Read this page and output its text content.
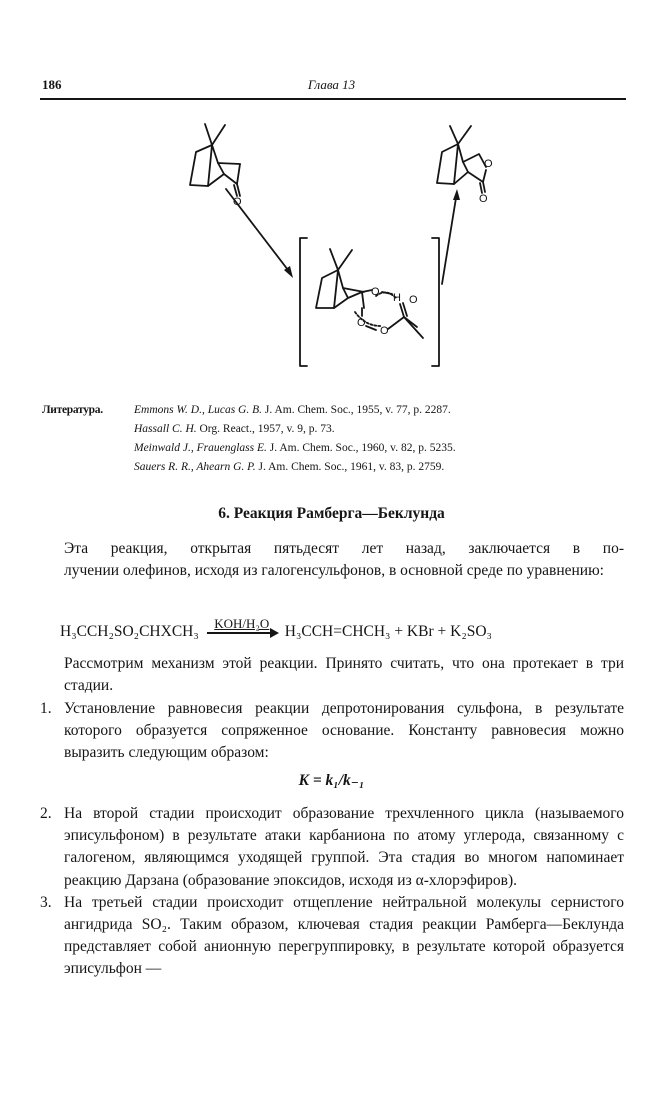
186	Глава 13
O
O
O
O
O
O
H O
Литература.	Emmons W. D., Lucas G. B.
J. Am. Chem. Soc., 1955, v. 77, p. 2287.
Hassall C. H.
Org. React., 1957, v. 9, p. 73.
Meinwald J., Frauenglass E.
J. Am. Chem. Soc., 1960, v. 82, p. 5235.
Sauers R. R., Ahearn G. P.
J. Am. Chem. Soc., 1961, v. 83, p. 2759.
6. Реакция Рамберга—Беклунда
Эта реакция, открытая пятьдесят лет назад, заключается в по-
лучении олефинов, исходя из галогенсульфонов, в основной среде по уравнению:
H₃CCH₂SO₂CHXCH₃ KOH/H₂O H₃CCH=CHCH₃ + KBr + K₂SO₃
Рассмотрим механизм этой реакции. Принято считать, что она протекает в три стадии.
1. Установление равновесия реакции депротонирования сульфона, в результате которого образуется сопряженное основание. Константу равновесия можно выразить следующим образом:
K = k₁/k₋₁
2. На второй стадии происходит образование трехчленного цикла (называемого эписульфоном) в результате атаки карбаниона по атому углерода, связанному с галогеном, являющимся уходящей группой. Эта стадия во многом напоминает реакцию Дарзана (образование эпоксидов, исходя из α-хлорэфиров).
3. На третьей стадии происходит отщепление нейтральной молекулы сернистого ангидрида SO₂. Таким образом, ключевая стадия реакции Рамберга—Беклунда представляет собой анионную перегруппировку, в результате которой образуется эписульфон —
